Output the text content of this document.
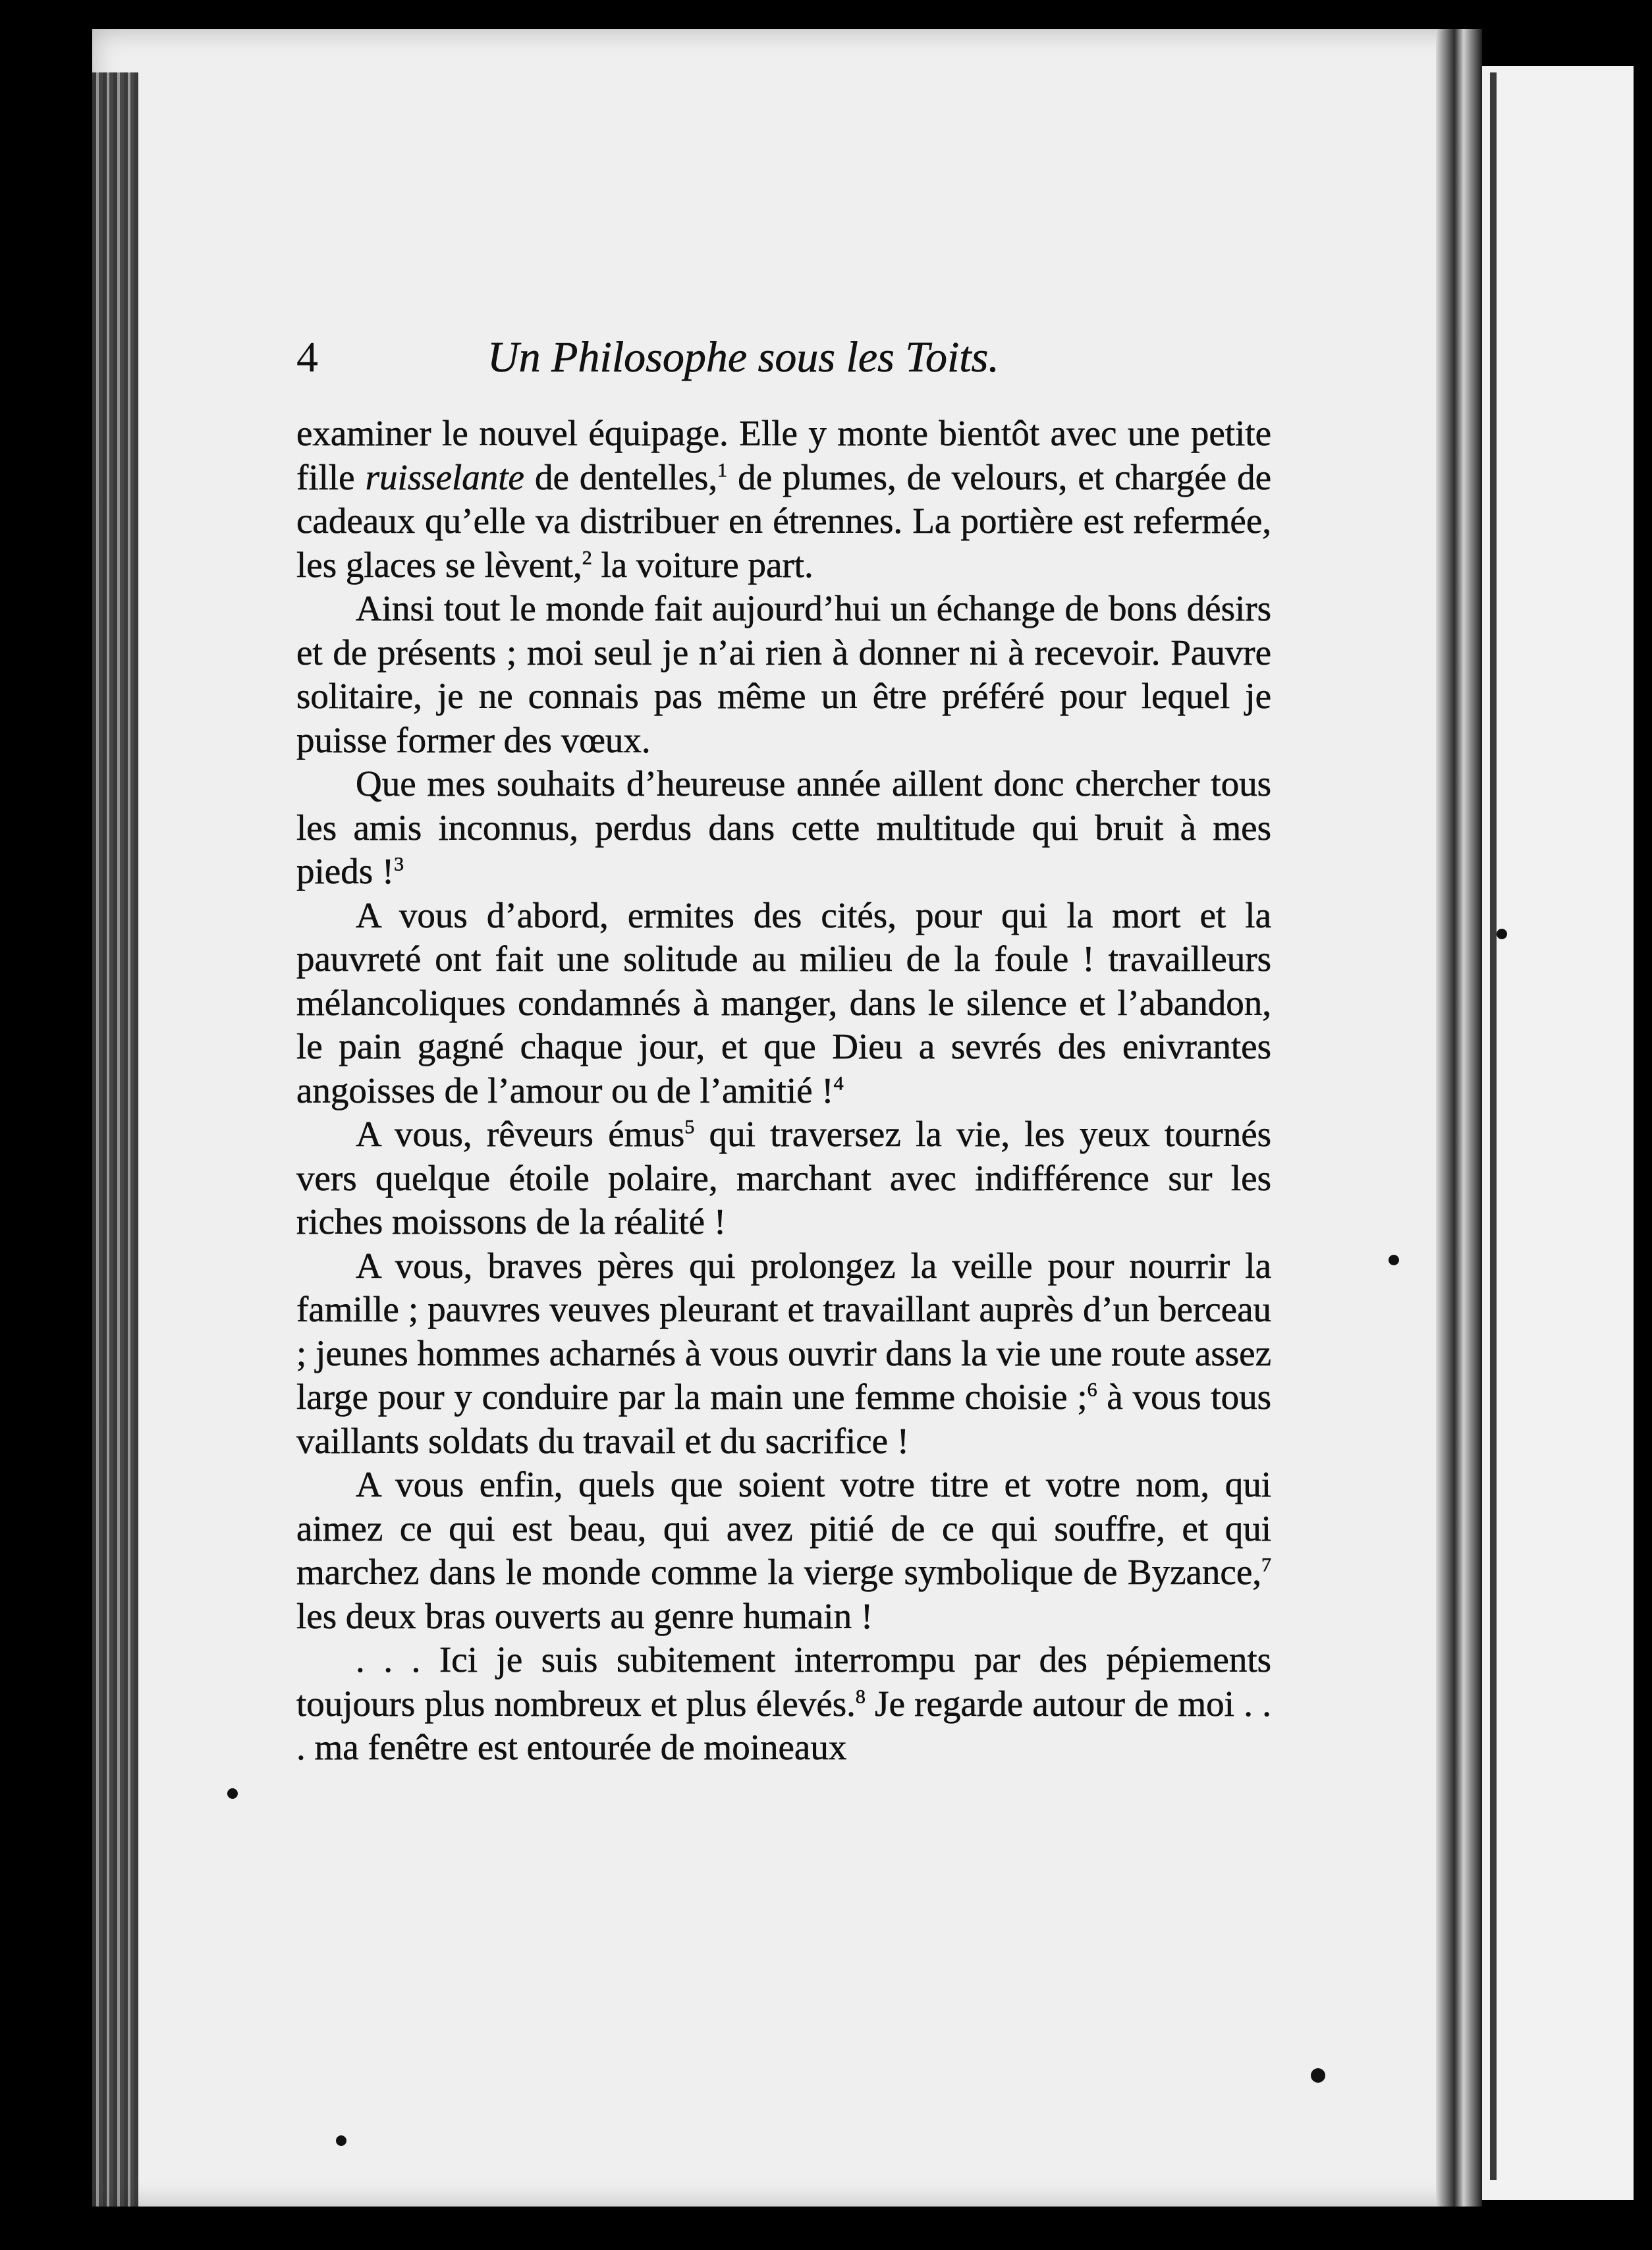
4	Un Philosophe sous les Toits.

examiner le nouvel équipage. Elle y monte bientôt avec une petite fille ruisselante de dentelles,$^1$ de plumes, de velours, et chargée de cadeaux qu’elle va distribuer en étrennes. La portière est refermée, les glaces se lèvent,$^2$ la voiture part.

Ainsi tout le monde fait aujourd’hui un échange de bons désirs et de présents ; moi seul je n’ai rien à donner ni à recevoir. Pauvre solitaire, je ne connais pas même un être préféré pour lequel je puisse former des vœux.

Que mes souhaits d’heureuse année aillent donc chercher tous les amis inconnus, perdus dans cette multitude qui bruit à mes pieds !$^3$

A vous d’abord, ermites des cités, pour qui la mort et la pauvreté ont fait une solitude au milieu de la foule ! travailleurs mélancoliques condamnés à manger, dans le silence et l’abandon, le pain gagné chaque jour, et que Dieu a sevrés des enivrantes angoisses de l’amour ou de l’amitié !$^4$

A vous, rêveurs émus$^5$ qui traversez la vie, les yeux tournés vers quelque étoile polaire, marchant avec indifférence sur les riches moissons de la réalité !

A vous, braves pères qui prolongez la veille pour nourrir la famille ; pauvres veuves pleurant et travaillant auprès d’un berceau ; jeunes hommes acharnés à vous ouvrir dans la vie une route assez large pour y conduire par la main une femme choisie ;$^6$ à vous tous vaillants soldats du travail et du sacrifice !

A vous enfin, quels que soient votre titre et votre nom, qui aimez ce qui est beau, qui avez pitié de ce qui souffre, et qui marchez dans le monde comme la vierge symbolique de Byzance,$^7$ les deux bras ouverts au genre humain !

. . . Ici je suis subitement interrompu par des pépiements toujours plus nombreux et plus élevés.$^8$ Je regarde autour de moi . . . ma fenêtre est entourée de moineaux
